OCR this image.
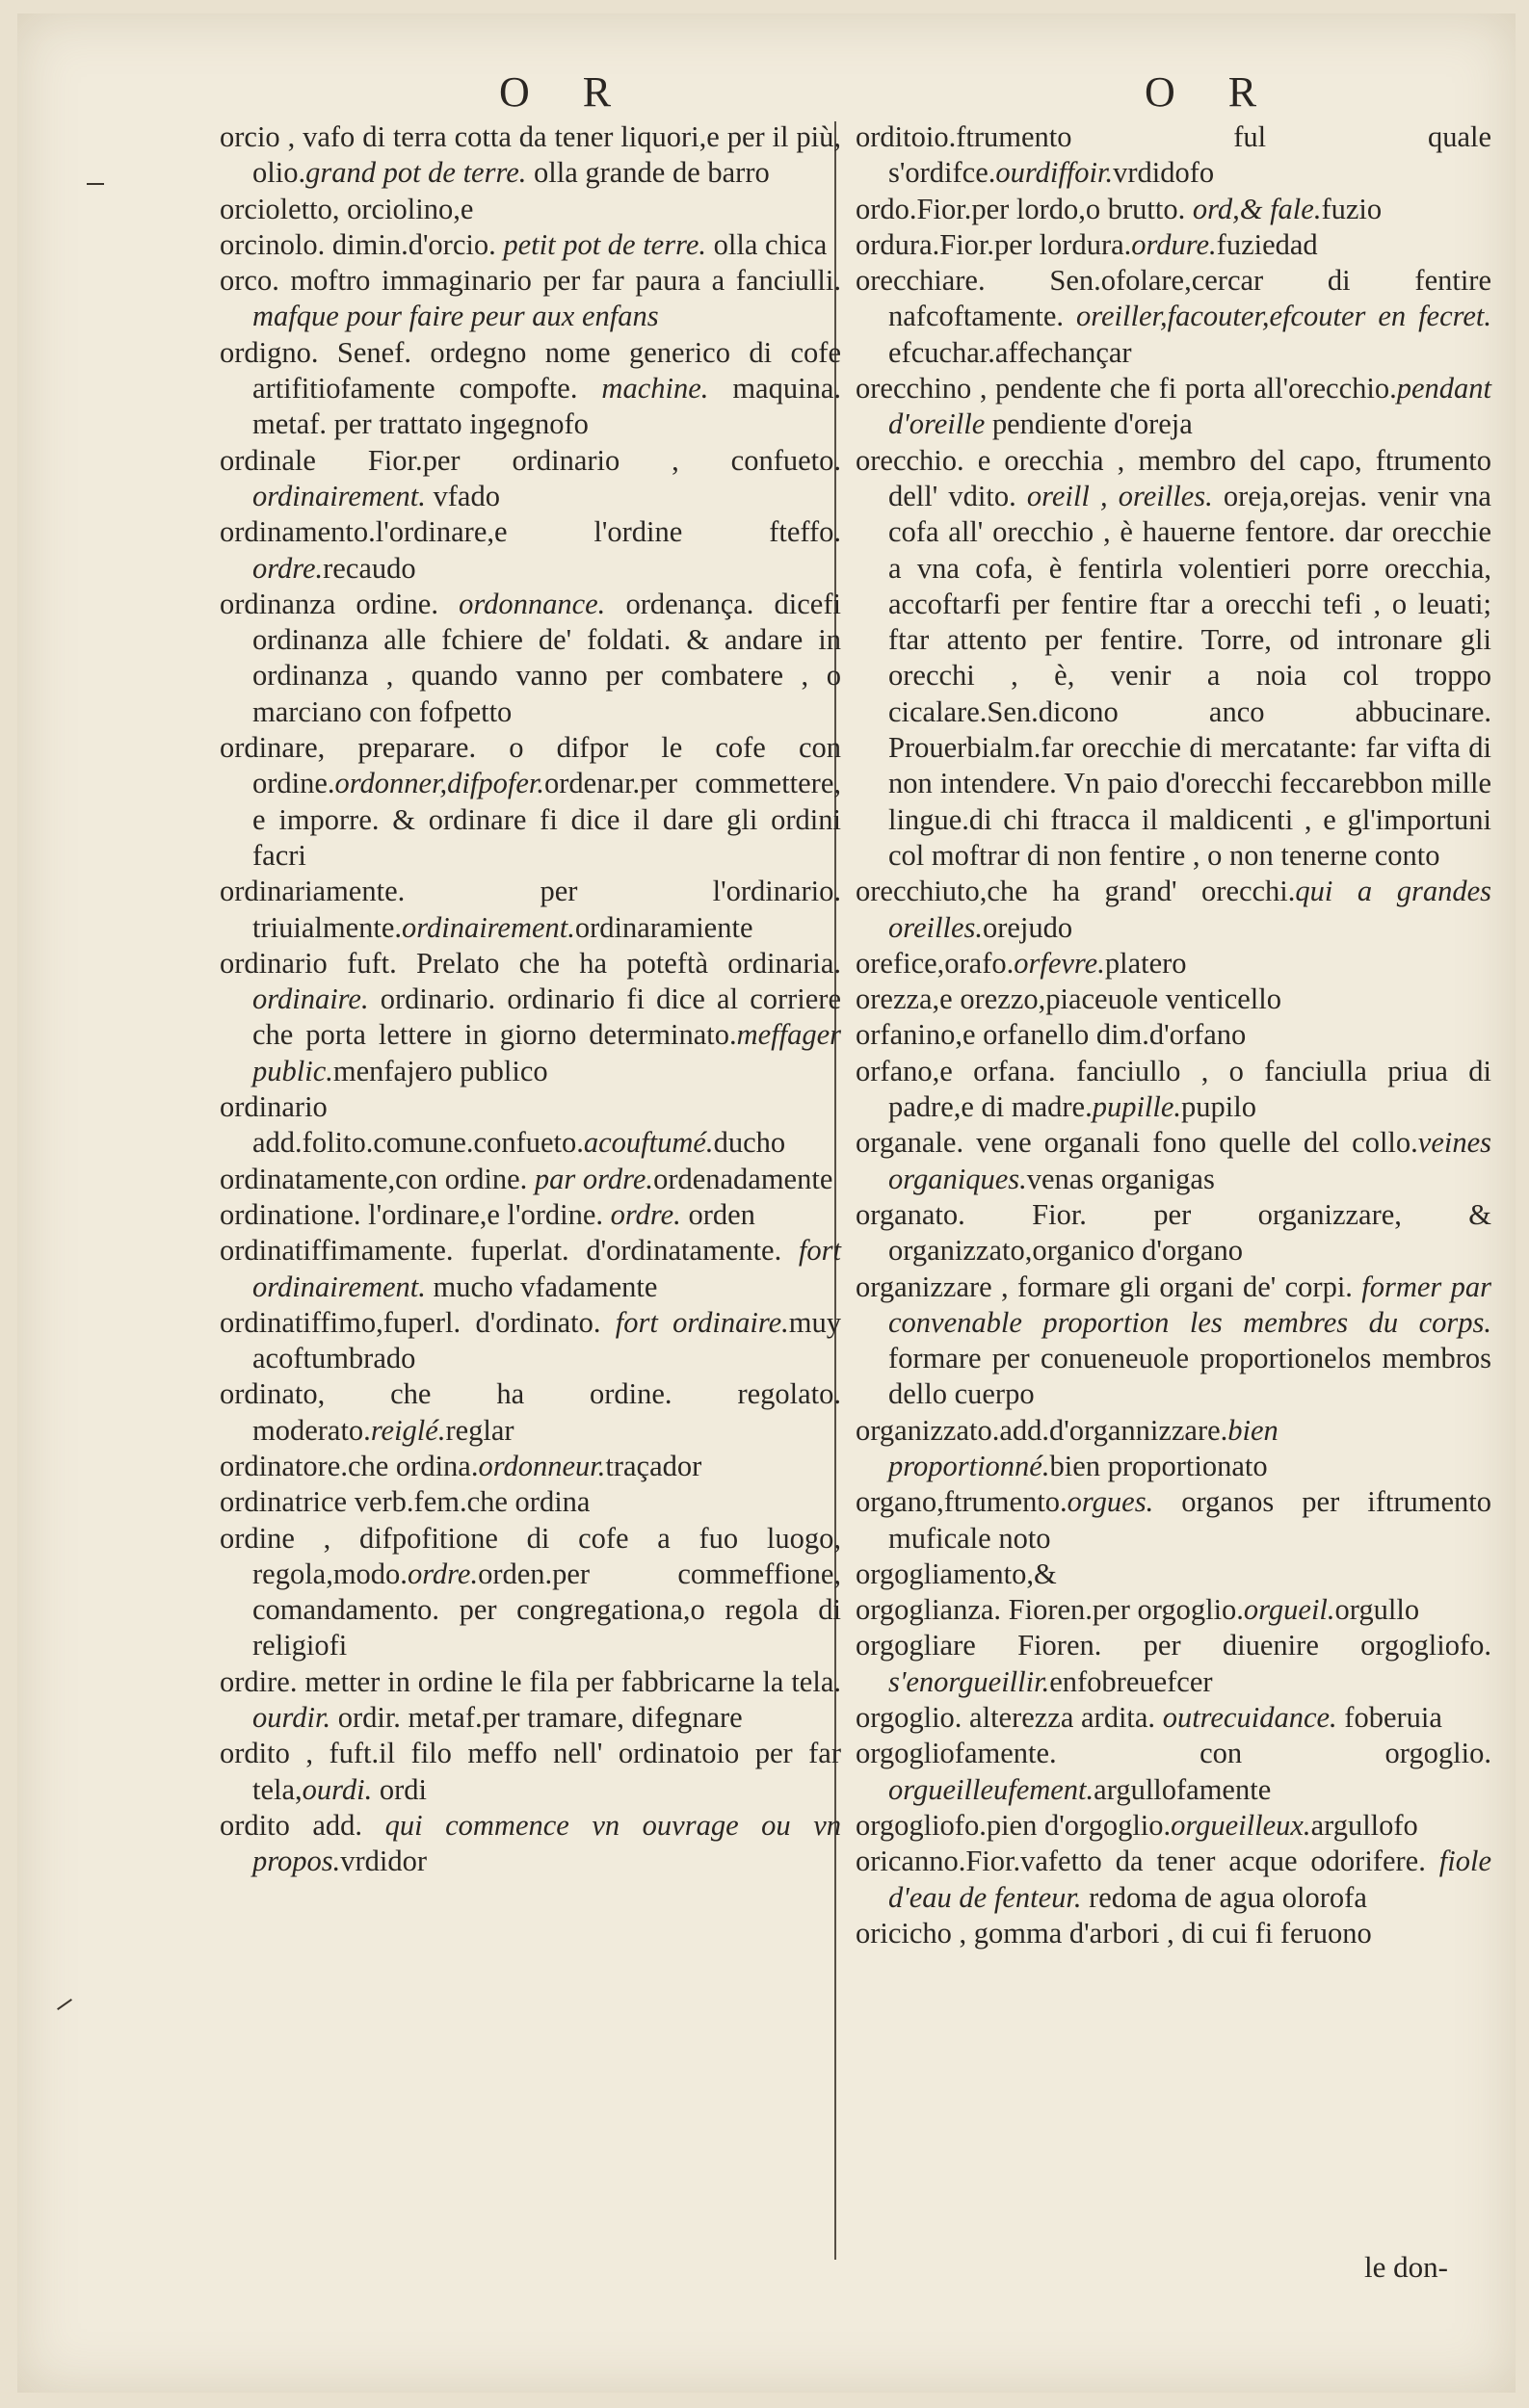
O R	O R

orcio , vafo di terra cotta da tener liquori,e per il più, olio.grand pot de terre. olla grande de barro

orcioletto, orciolino,e

orcinolo. dimin.d'orcio. petit pot de terre. olla chica

orco. moftro immaginario per far paura a fanciulli. mafque pour faire peur aux enfans

ordigno. Senef. ordegno nome generico di cofe artifitiofamente compofte. machine. maquina. metaf. per trattato ingegnofo

ordinale Fior.per ordinario , confueto. ordinairement. vfado

ordinamento.l'ordinare,e l'ordine fteffo. ordre.recaudo

ordinanza ordine. ordonnance. ordenança. dicefi ordinanza alle fchiere de' foldati. & andare in ordinanza , quando vanno per combatere , o marciano con fofpetto

ordinare, preparare. o difpor le cofe con ordine.ordonner,difpofer.ordenar.per commettere, e imporre. & ordinare fi dice il dare gli ordini facri

ordinariamente. per l'ordinario. triuialmente.ordinairement.ordinaramiente

ordinario fuft. Prelato che ha poteftà ordinaria. ordinaire. ordinario. ordinario fi dice al corriere che porta lettere in giorno determinato.meffager public.menfajero publico

ordinario add.folito.comune.confueto.acouftumé.ducho

ordinatamente,con ordine. par ordre.ordenadamente

ordinatione. l'ordinare,e l'ordine. ordre. orden

ordinatiffimamente. fuperlat. d'ordinatamente. fort ordinairement. mucho vfadamente

ordinatiffimo,fuperl. d'ordinato. fort ordinaire.muy acoftumbrado

ordinato, che ha ordine. regolato. moderato.reiglé.reglar

ordinatore.che ordina.ordonneur.traçador

ordinatrice verb.fem.che ordina

ordine , difpofitione di cofe a fuo luogo, regola,modo.ordre.orden.per commeffione, comandamento. per congregationa,o regola di religiofi

ordire. metter in ordine le fila per fabbricarne la tela. ourdir. ordir. metaf.per tramare, difegnare

ordito , fuft.il filo meffo nell' ordinatoio per far tela,ourdi. ordi

ordito add. qui commence vn ouvrage ou vn propos.vrdidor

orditoio.ftrumento ful quale s'ordifce.ourdiffoir.vrdidofo

ordo.Fior.per lordo,o brutto. ord,& fale.fuzio

ordura.Fior.per lordura.ordure.fuziedad

orecchiare. Sen.ofolare,cercar di fentire nafcoftamente. oreiller,facouter,efcouter en fecret. efcuchar.affechançar

orecchino , pendente che fi porta all'orecchio.pendant d'oreille pendiente d'oreja

orecchio. e orecchia , membro del capo, ftrumento dell' vdito. oreill , oreilles. oreja,orejas. venir vna cofa all' orecchio , è hauerne fentore. dar orecchie a vna cofa, è fentirla volentieri porre orecchia, accoftarfi per fentire ftar a orecchi tefi , o leuati; ftar attento per fentire. Torre, od intronare gli orecchi , è, venir a noia col troppo cicalare.Sen.dicono anco abbucinare. Prouerbialm.far orecchie di mercatante: far vifta di non intendere. Vn paio d'orecchi feccarebbon mille lingue.di chi ftracca il maldicenti , e gl'importuni col moftrar di non fentire , o non tenerne conto

orecchiuto,che ha grand' orecchi.qui a grandes oreilles.orejudo

orefice,orafo.orfevre.platero

orezza,e orezzo,piaceuole venticello

orfanino,e orfanello dim.d'orfano

orfano,e orfana. fanciullo , o fanciulla priua di padre,e di madre.pupille.pupilo

organale. vene organali fono quelle del collo.veines organiques.venas organigas

organato. Fior. per organizzare, & organizzato,organico d'organo

organizzare , formare gli organi de' corpi. former par convenable proportion les membres du corps. formare per conueneuole proportionelos membros dello cuerpo

organizzato.add.d'organnizzare.bien proportionné.bien proportionato

organo,ftrumento.orgues. organos per iftrumento muficale noto

orgogliamento,&

orgoglianza. Fioren.per orgoglio.orgueil.orgullo

orgogliare Fioren. per diuenire orgogliofo. s'enorgueillir.enfobreuefcer

orgoglio. alterezza ardita. outrecuidance. foberuia

orgogliofamente. con orgoglio. orgueilleufement.argullofamente

orgogliofo.pien d'orgoglio.orgueilleux.argullofo

oricanno.Fior.vafetto da tener acque odorifere. fiole d'eau de fenteur. redoma de agua olorofa

oricicho , gomma d'arbori , di cui fi feruono

le don-
